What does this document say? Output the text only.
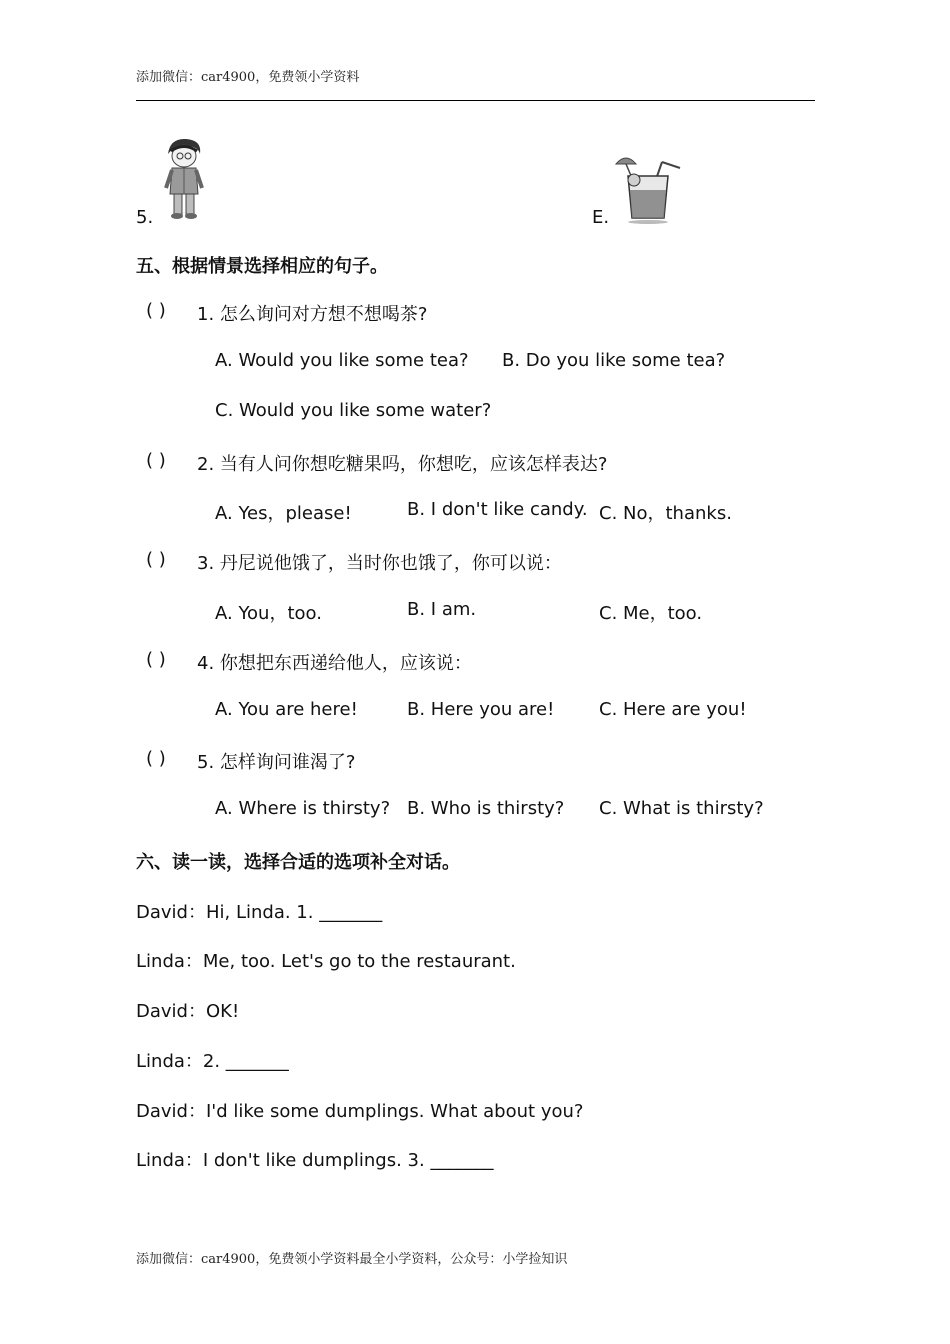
添加微信：car4900，免费领小学资料
5.	E.
五、根据情景选择相应的句子。
( ) 1. 怎么询问对方想不想喝茶?
A. Would you like some tea? B. Do you like some tea?
C. Would you like some water?
( ) 2. 当有人问你想吃糖果吗，你想吃，应该怎样表达?
A. Yes，please!	B. I don't like candy. C. No，thanks.
( ) 3. 丹尼说他饿了，当时你也饿了，你可以说：
A. You，too.	B. I am.	C. Me，too.
( ) 4. 你想把东西递给他人，应该说：
A. You are here!	B. Here you are! C. Here are you!
( ) 5. 怎样询问谁渴了?
A. Where is thirsty? B. Who is thirsty? C. What is thirsty?
六、读一读，选择合适的选项补全对话。
David：Hi, Linda. 1. _______
Linda：Me, too. Let's go to the restaurant.
David：OK!
Linda：2. _______
David：I'd like some dumplings. What about you?
Linda：I don't like dumplings. 3. _______
添加微信：car4900，免费领小学资料最全小学资料，公众号：小学捡知识
